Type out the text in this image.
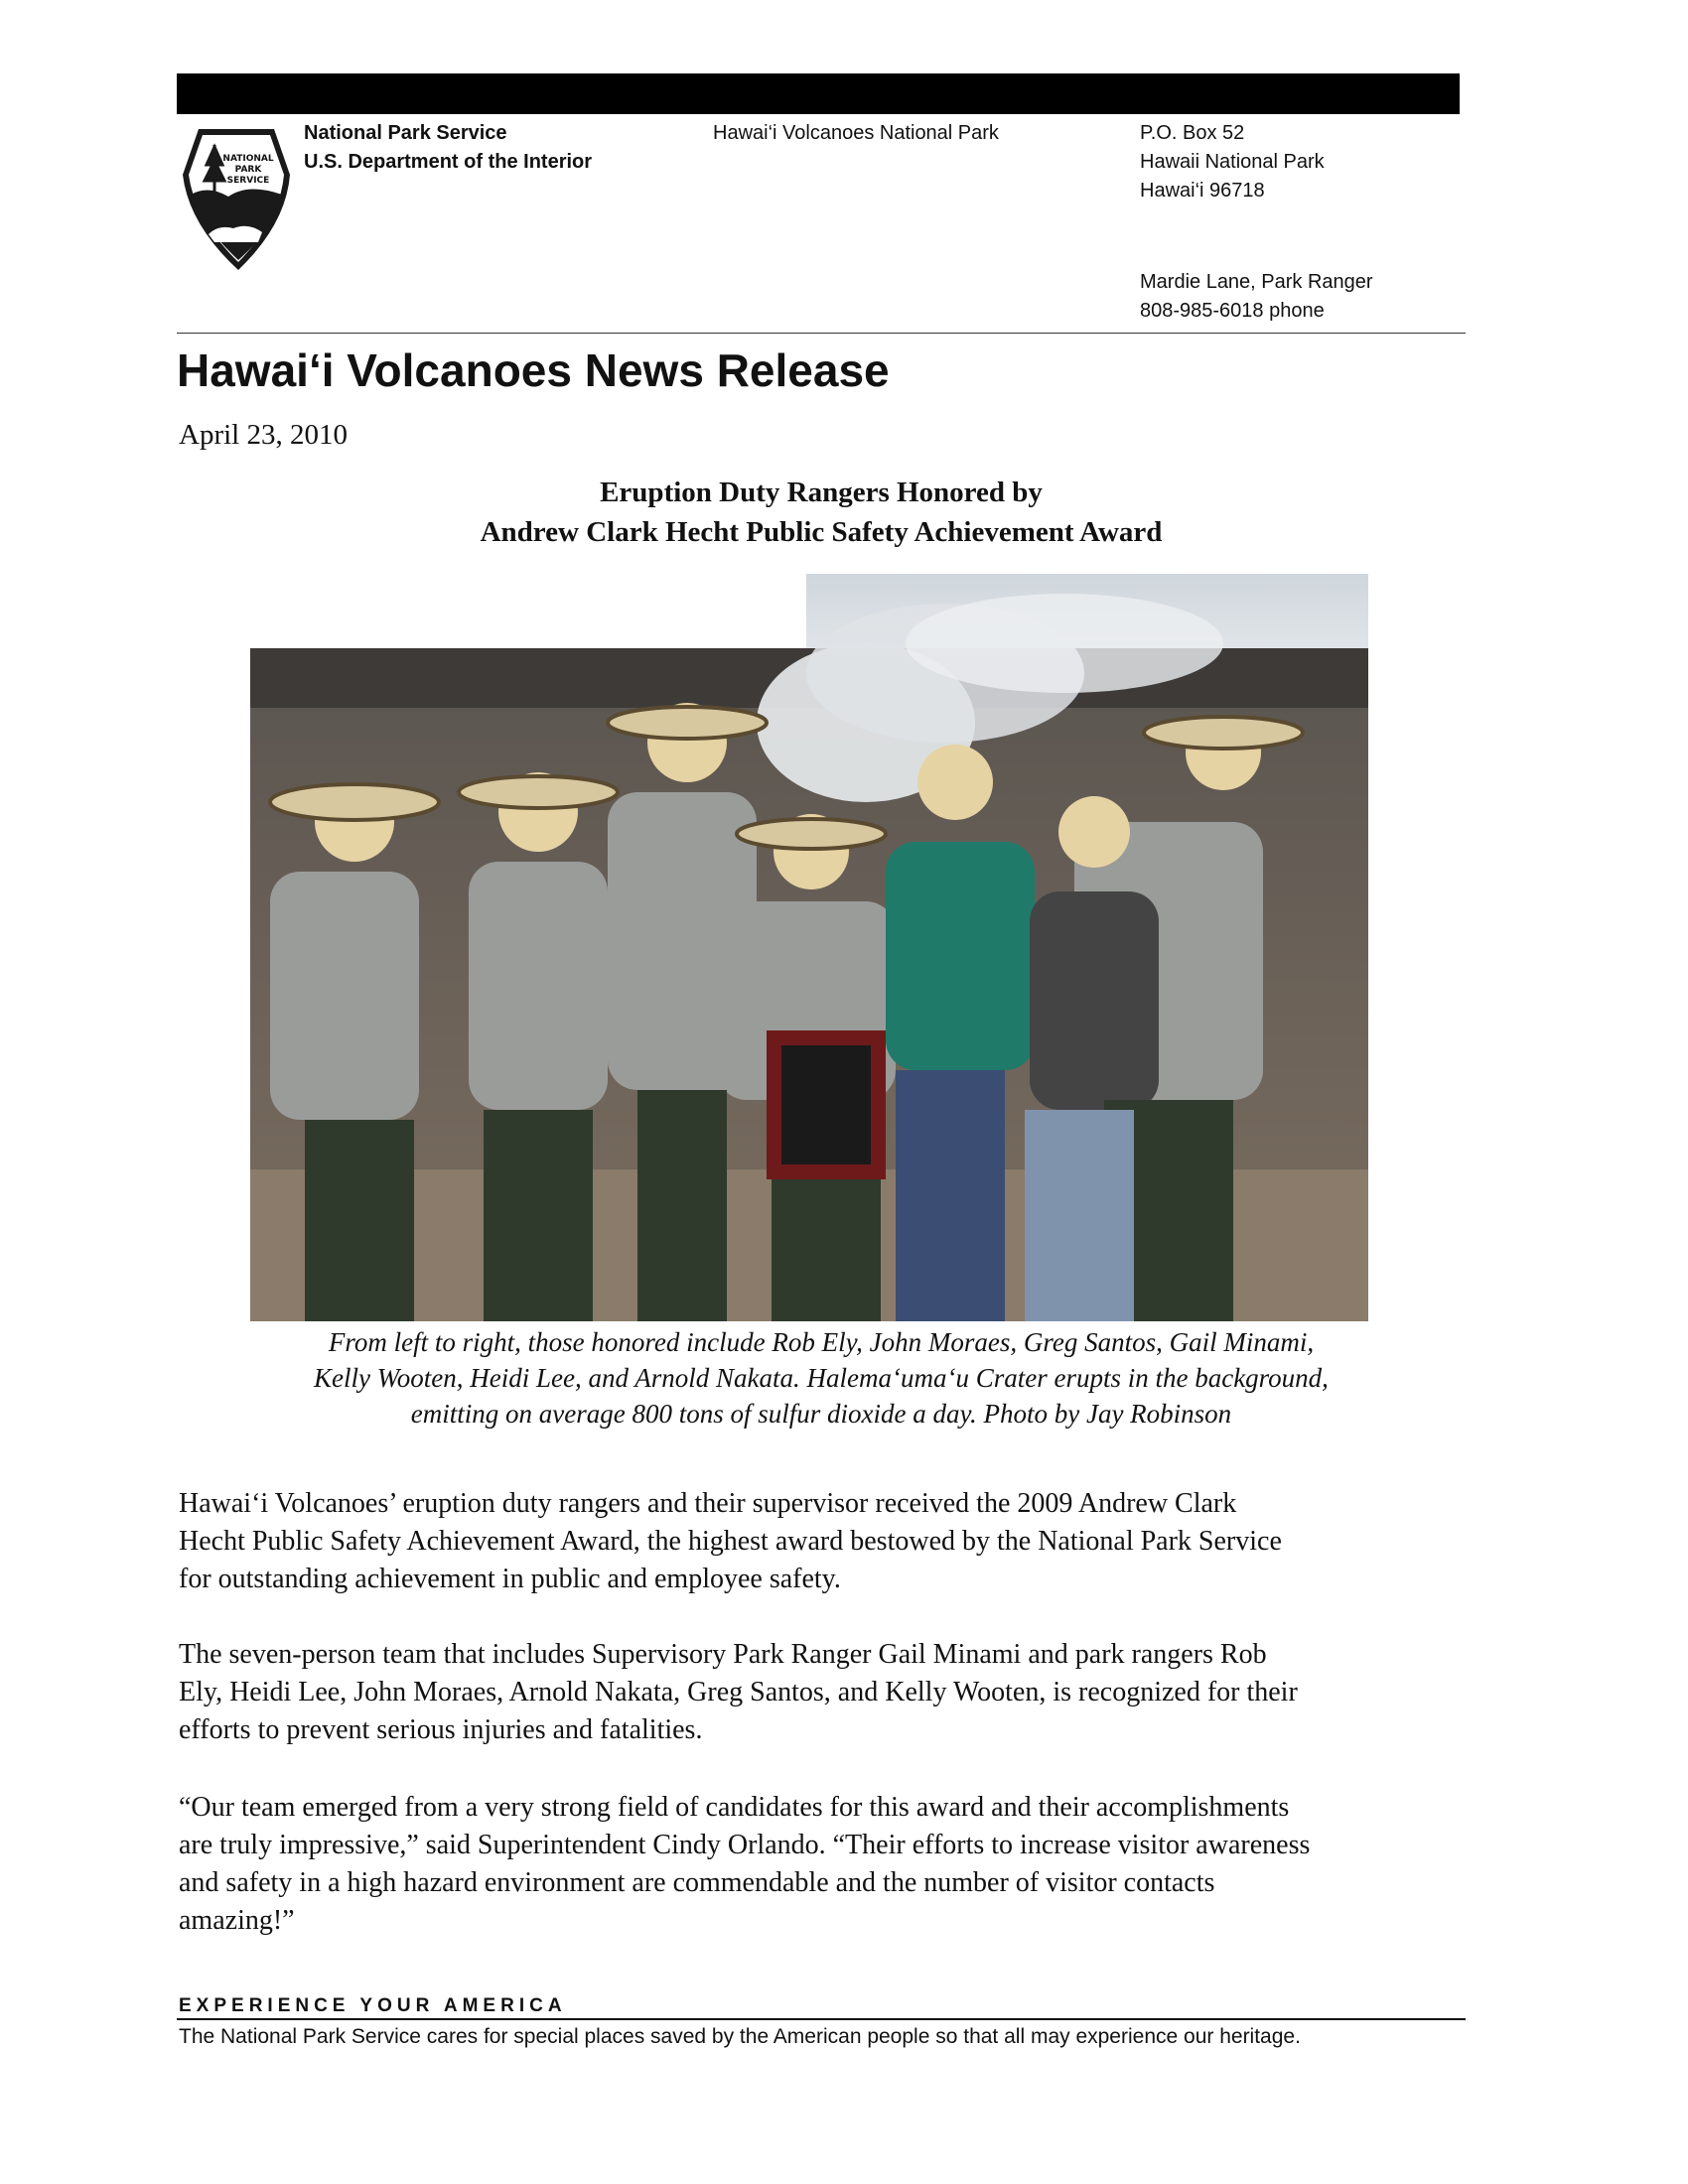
NATIONAL
PARK
SERVICE
National Park Service
U.S. Department of the Interior
Hawai‘i Volcanoes National Park	P.O. Box 52
Hawaii National Park
Hawai‘i 96718
Mardie Lane, Park Ranger
808-985-6018 phone
Hawai‘i Volcanoes News Release
April 23, 2010
Eruption Duty Rangers Honored by
Andrew Clark Hecht Public Safety Achievement Award
From left to right, those honored include Rob Ely, John Moraes, Greg Santos, Gail Minami,
Kelly Wooten, Heidi Lee, and Arnold Nakata. Halema‘uma‘u Crater erupts in the background,
emitting on average 800 tons of sulfur dioxide a day. Photo by Jay Robinson
Hawai‘i Volcanoes’ eruption duty rangers and their supervisor received the 2009 Andrew Clark
Hecht Public Safety Achievement Award, the highest award bestowed by the National Park Service
for outstanding achievement in public and employee safety.
The seven-person team that includes Supervisory Park Ranger Gail Minami and park rangers Rob
Ely, Heidi Lee, John Moraes, Arnold Nakata, Greg Santos, and Kelly Wooten, is recognized for their
efforts to prevent serious injuries and fatalities.
“Our team emerged from a very strong field of candidates for this award and their accomplishments
are truly impressive,” said Superintendent Cindy Orlando. “Their efforts to increase visitor awareness
and safety in a high hazard environment are commendable and the number of visitor contacts
amazing!”
EXPERIENCE YOUR AMERICA
The National Park Service cares for special places saved by the American people so that all may experience our heritage.
